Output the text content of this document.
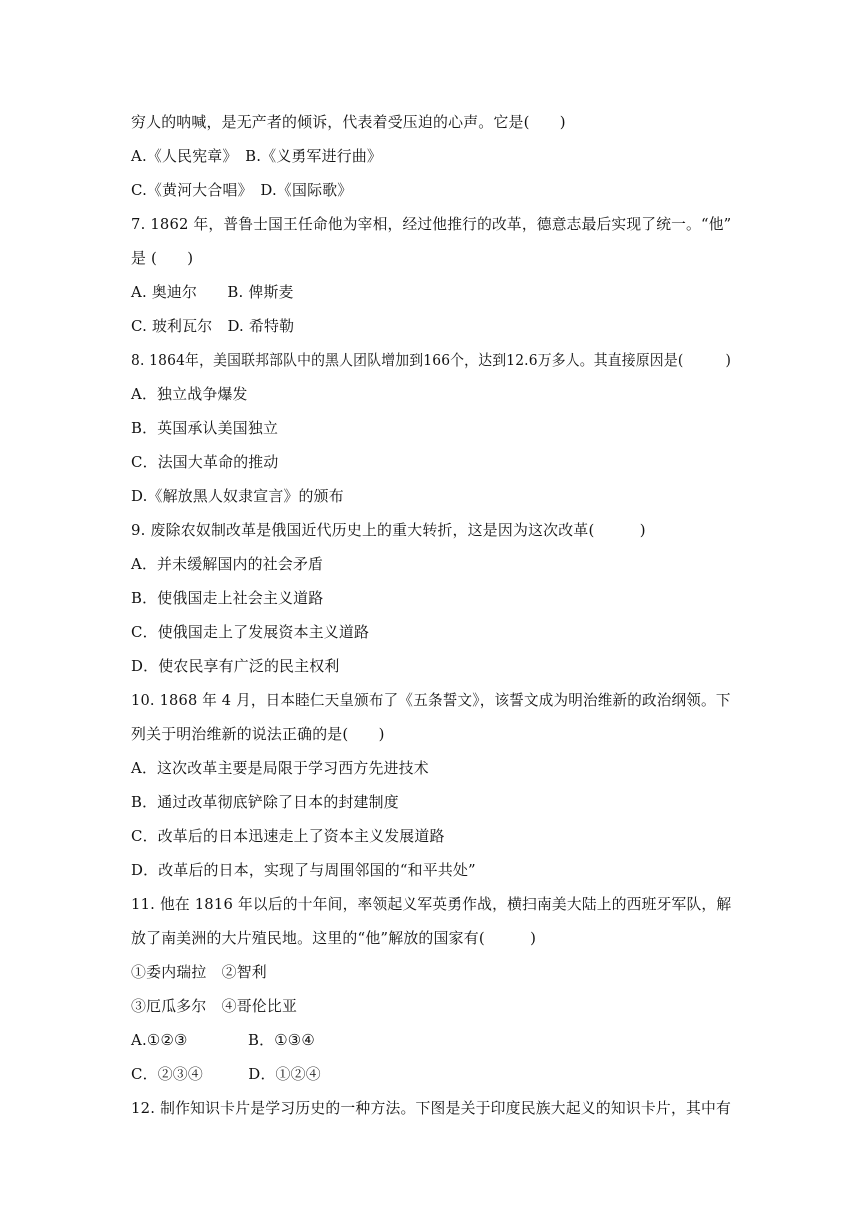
穷人的呐喊，是无产者的倾诉，代表着受压迫的心声。它是(　　)
A.《人民宪章》　B.《义勇军进行曲》
C.《黄河大合唱》　D.《国际歌》
7. 1862 年，普鲁士国王任命他为宰相，经过他推行的改革，德意志最后实现了统一。“他”
是 (　　)
A. 奥迪尔　　B. 俾斯麦
C. 玻利瓦尔　D. 希特勒
8. 1864年，美国联邦部队中的黑人团队增加到166个，达到12.6万多人。其直接原因是(　　　)
A．独立战争爆发
B．英国承认美国独立
C．法国大革命的推动
D.《解放黑人奴隶宣言》的颁布
9. 废除农奴制改革是俄国近代历史上的重大转折，这是因为这次改革(　　　)
A．并未缓解国内的社会矛盾
B．使俄国走上社会主义道路
C．使俄国走上了发展资本主义道路
D．使农民享有广泛的民主权利
10. 1868 年 4 月，日本睦仁天皇颁布了《五条誓文》，该誓文成为明治维新的政治纲领。下
列关于明治维新的说法正确的是(　　)
A．这次改革主要是局限于学习西方先进技术
B．通过改革彻底铲除了日本的封建制度
C．改革后的日本迅速走上了资本主义发展道路
D．改革后的日本，实现了与周围邻国的“和平共处”
11. 他在 1816 年以后的十年间，率领起义军英勇作战，横扫南美大陆上的西班牙军队，解
放了南美洲的大片殖民地。这里的“他”解放的国家有(　　　)
①委内瑞拉　②智利
③厄瓜多尔　④哥伦比亚
A.①②③　　　　B．①③④
C．②③④　　　D．①②④
12. 制作知识卡片是学习历史的一种方法。下图是关于印度民族大起义的知识卡片，其中有
